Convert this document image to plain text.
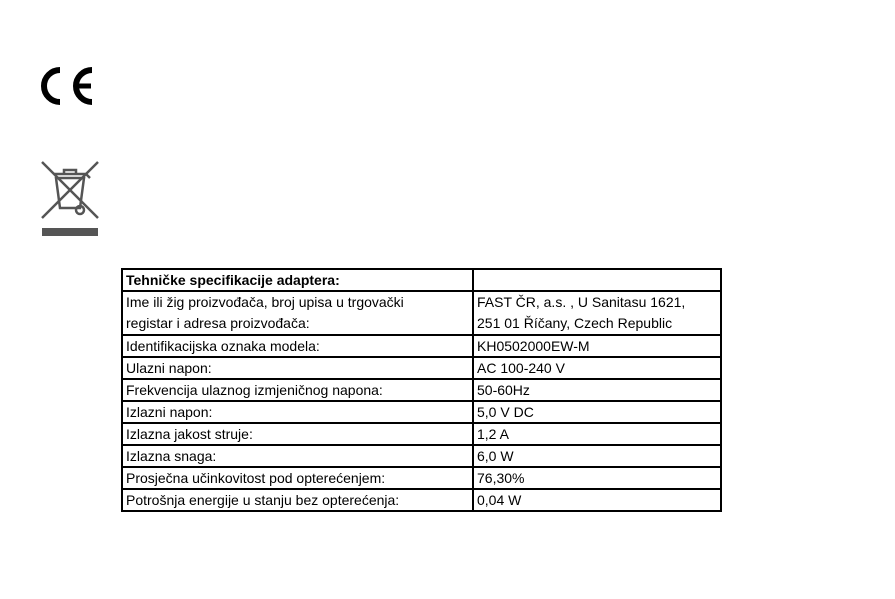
Tehničke specifikacije adaptera:	

Ime ili žig proizvođača, broj upisa u trgovački
registar i adresa proizvođača:	FAST ČR, a.s. , U Sanitasu 1621,
251 01 Říčany, Czech Republic

Identifikacijska oznaka modela:	KH0502000EW-M
Ulazni napon:	AC 100-240 V
Frekvencija ulaznog izmjeničnog napona:	50-60Hz
Izlazni napon:	5,0 V DC
Izlazna jakost struje:	1,2 A
Izlazna snaga:	6,0 W
Prosječna učinkovitost pod opterećenjem:	76,30%
Potrošnja energije u stanju bez opterećenja:	0,04 W
